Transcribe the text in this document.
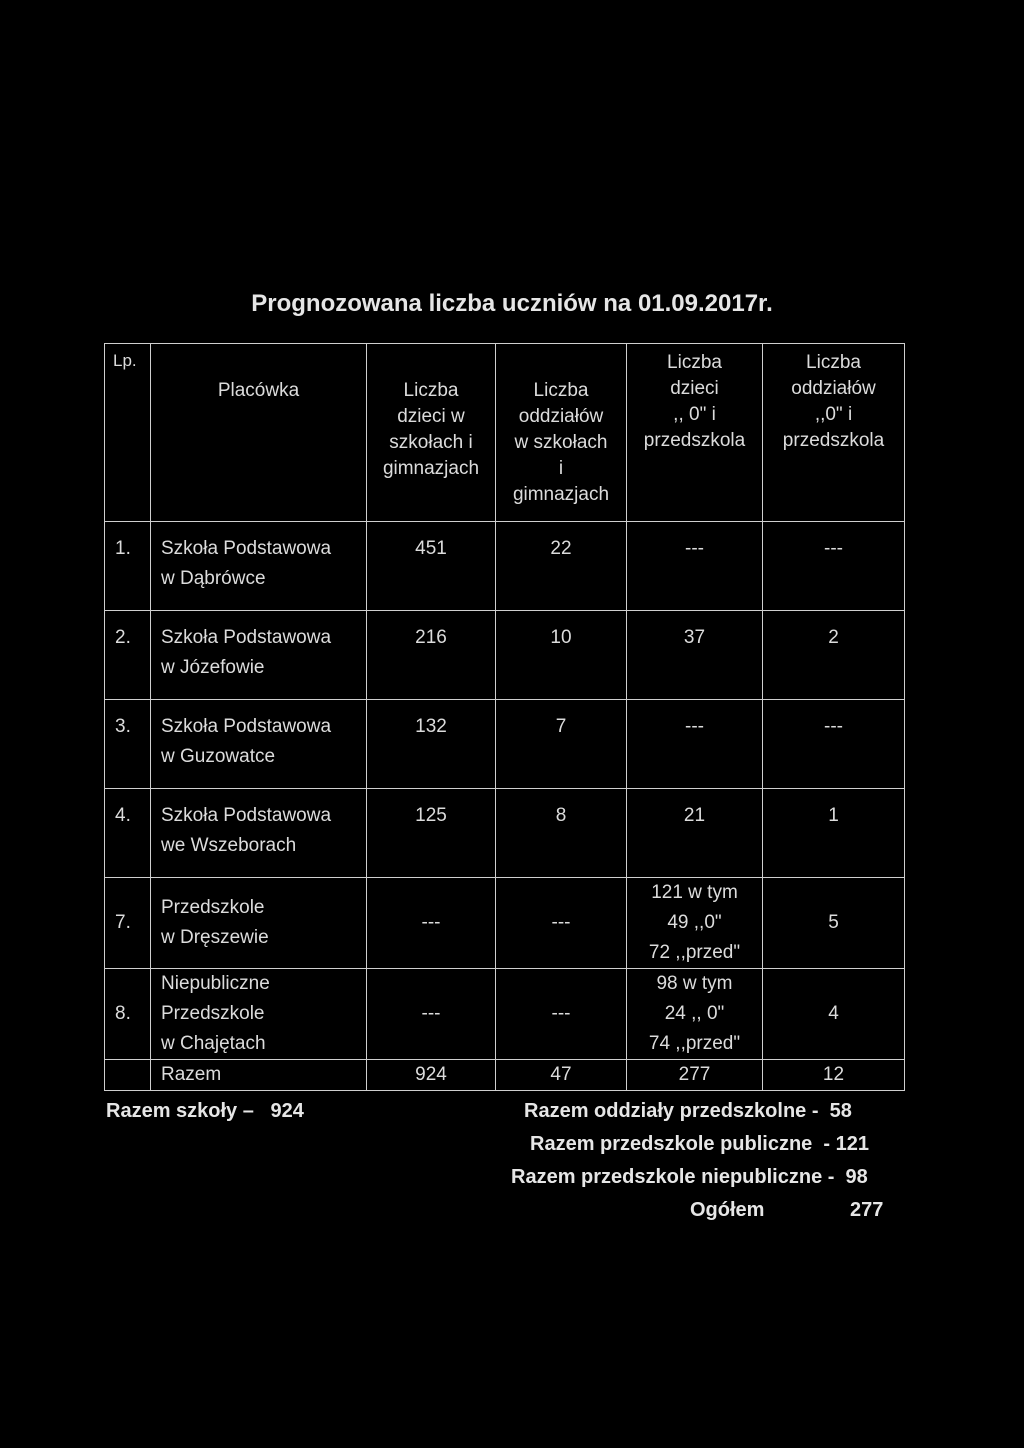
Prognozowana liczba uczniów na 01.09.2017r.
Lp.	Placówka	Liczba
dzieci w
szkołach i
gimnazjach	Liczba
oddziałów
w szkołach
i
gimnazjach	Liczba
dzieci
,, 0" i
przedszkola	Liczba
oddziałów
,,0" i
przedszkola

1.	Szkoła Podstawowa
w Dąbrówce	451	22	---	---
2.	Szkoła Podstawowa
w Józefowie	216	10	37	2
3.	Szkoła Podstawowa
w Guzowatce	132	7	---	---
4.	Szkoła Podstawowa
we Wszeborach	125	8	21	1
7.	Przedszkole
w Dręszewie	---	---	121 w tym
49 ,,0"
72 ,,przed"	5
8.	Niepubliczne
Przedszkole
w Chajętach	---	---	98 w tym
24 ,, 0"
74 ,,przed"	4
	Razem	924	47	277	12
Razem szkoły –   924	Razem oddziały przedszkolne -  58
Razem przedszkole publiczne  - 121
Razem przedszkole niepubliczne -  98
Ogółem	277
